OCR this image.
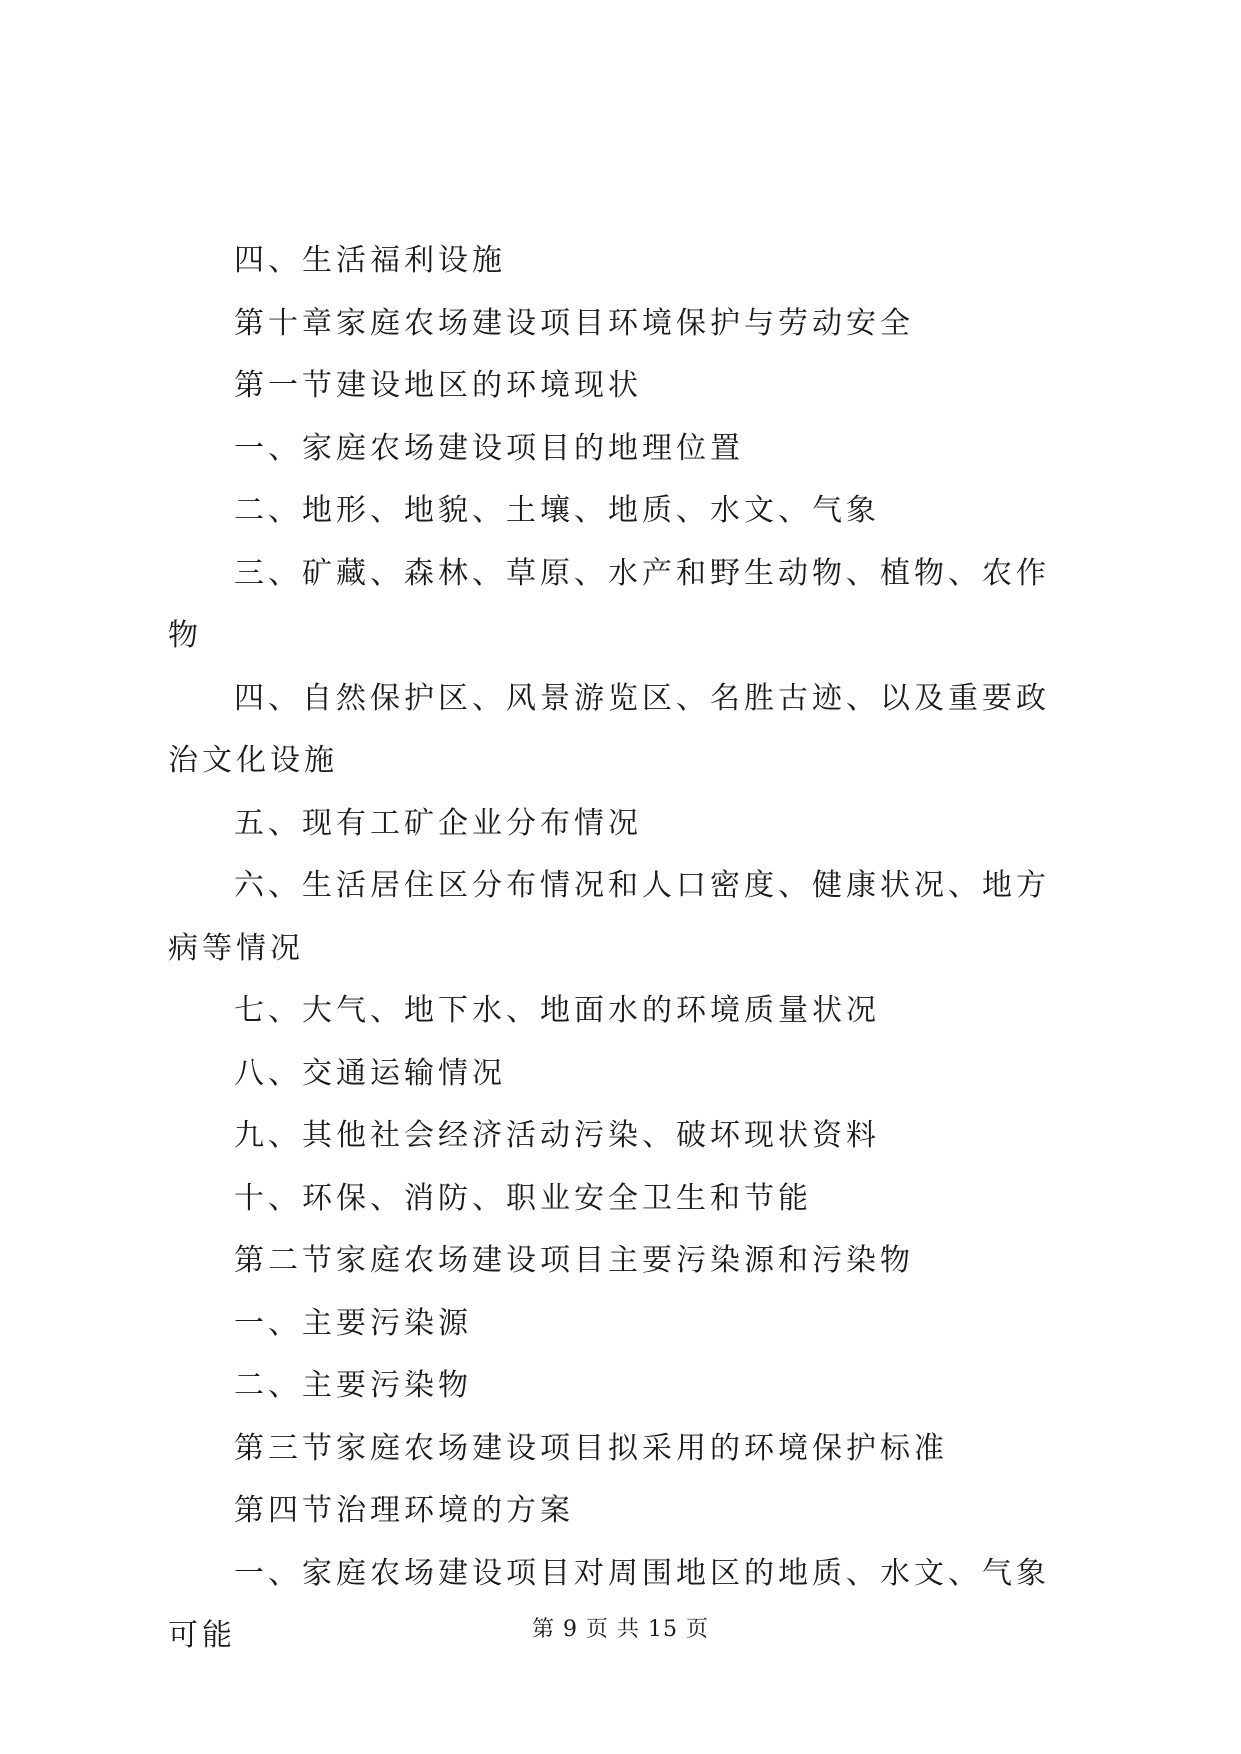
四、生活福利设施

第十章家庭农场建设项目环境保护与劳动安全

第一节建设地区的环境现状

一、家庭农场建设项目的地理位置

二、地形、地貌、土壤、地质、水文、气象

三、矿藏、森林、草原、水产和野生动物、植物、农作物

四、自然保护区、风景游览区、名胜古迹、以及重要政治文化设施

五、现有工矿企业分布情况

六、生活居住区分布情况和人口密度、健康状况、地方病等情况

七、大气、地下水、地面水的环境质量状况

八、交通运输情况

九、其他社会经济活动污染、破坏现状资料

十、环保、消防、职业安全卫生和节能

第二节家庭农场建设项目主要污染源和污染物

一、主要污染源

二、主要污染物

第三节家庭农场建设项目拟采用的环境保护标准

第四节治理环境的方案

一、家庭农场建设项目对周围地区的地质、水文、气象可能	第 9 页 共 15 页
